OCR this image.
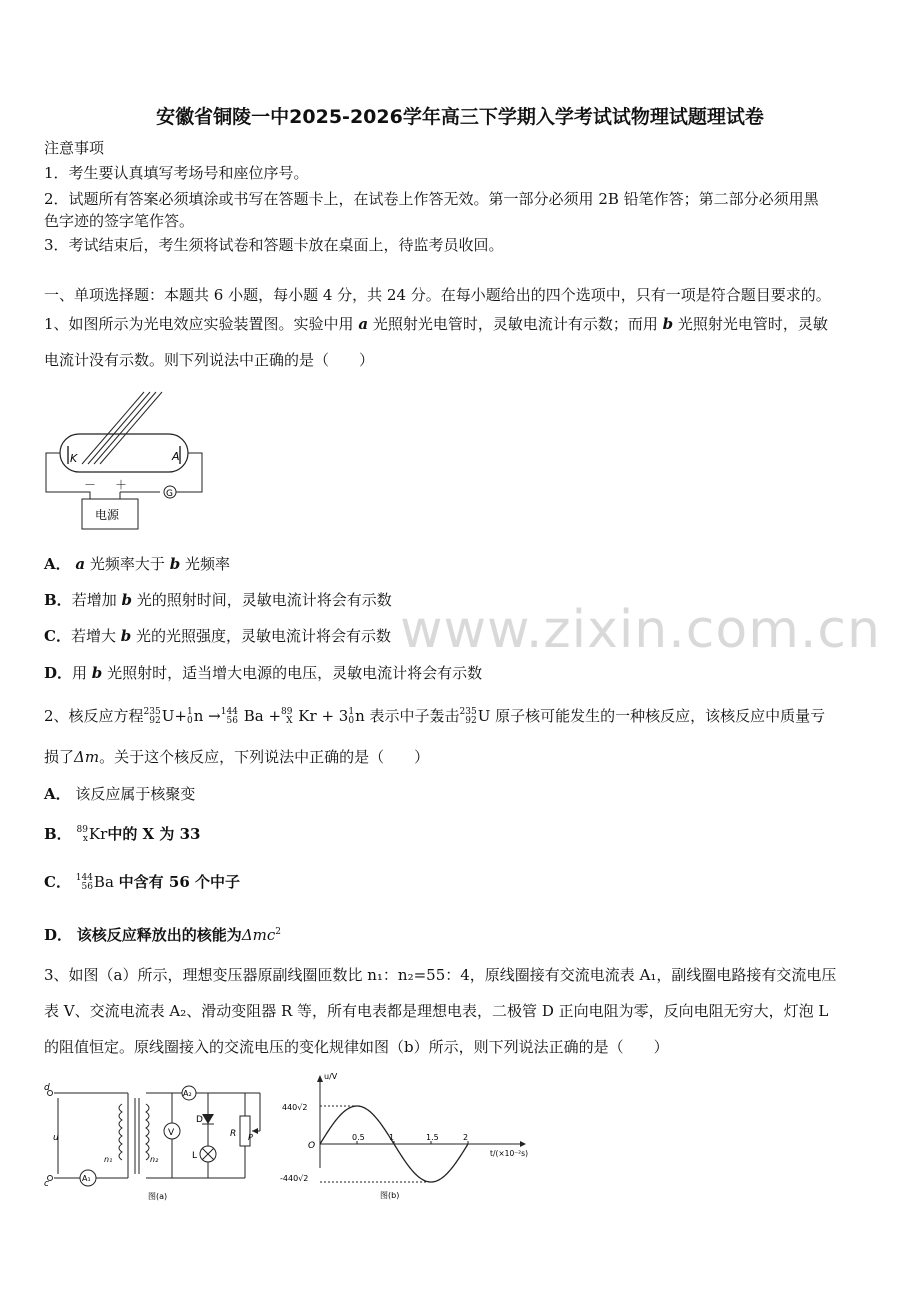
安徽省铜陵一中2025-2026学年高三下学期入学考试试物理试题理试卷
注意事项
1．考生要认真填写考场号和座位序号。
2．试题所有答案必须填涂或书写在答题卡上，在试卷上作答无效。第一部分必须用 2B 铅笔作答；第二部分必须用黑
色字迹的签字笔作答。
3．考试结束后，考生须将试卷和答题卡放在桌面上，待监考员收回。
一、单项选择题：本题共 6 小题，每小题 4 分，共 24 分。在每小题给出的四个选项中，只有一项是符合题目要求的。
1、如图所示为光电效应实验装置图。实验中用 a 光照射光电管时，灵敏电流计有示数；而用 b 光照射光电管时，灵敏
电流计没有示数。则下列说法中正确的是（　　）
K	A
G
－ ＋
电源
A． a 光频率大于 b 光频率
B．若增加 b 光的照射时间，灵敏电流计将会有示数
C．若增大 b 光的光照强度，灵敏电流计将会有示数
D．用 b 光照射时，适当增大电源的电压，灵敏电流计将会有示数
www.zixin.com.cn
2、核反应方程 235
92 U+ 1
0 n → 144
56 Ba + 89
X Kr + 3 1
0 n 表示中子轰击 235
92 U 原子核可能发生的一种核反应，该核反应中质量亏
损了Δm。关于这个核反应，下列说法中正确的是（　　）
A． 该反应属于核聚变
B． 89
x Kr中的 X 为 33
C． 144
56 Ba 中含有 56 个中子
D． 该核反应释放出的核能为Δmc$^2$
3、如图（a）所示，理想变压器原副线圈匝数比 n₁：n₂=55：4，原线圈接有交流电流表 A₁，副线圈电路接有交流电压
表 V、交流电流表 A₂、滑动变阻器 R 等，所有电表都是理想电表，二极管 D 正向电阻为零，反向电阻无穷大，灯泡 L
的阻值恒定。原线圈接入的交流电压的变化规律如图（b）所示，则下列说法正确的是（　　）
d
c
u
n₁	n₂
A₁
A₂
V
D
L
R P
图(a)
u/V
O
440√2
-440√2
t/(×10⁻²s)
0.5	1	1.5	2
图(b)
